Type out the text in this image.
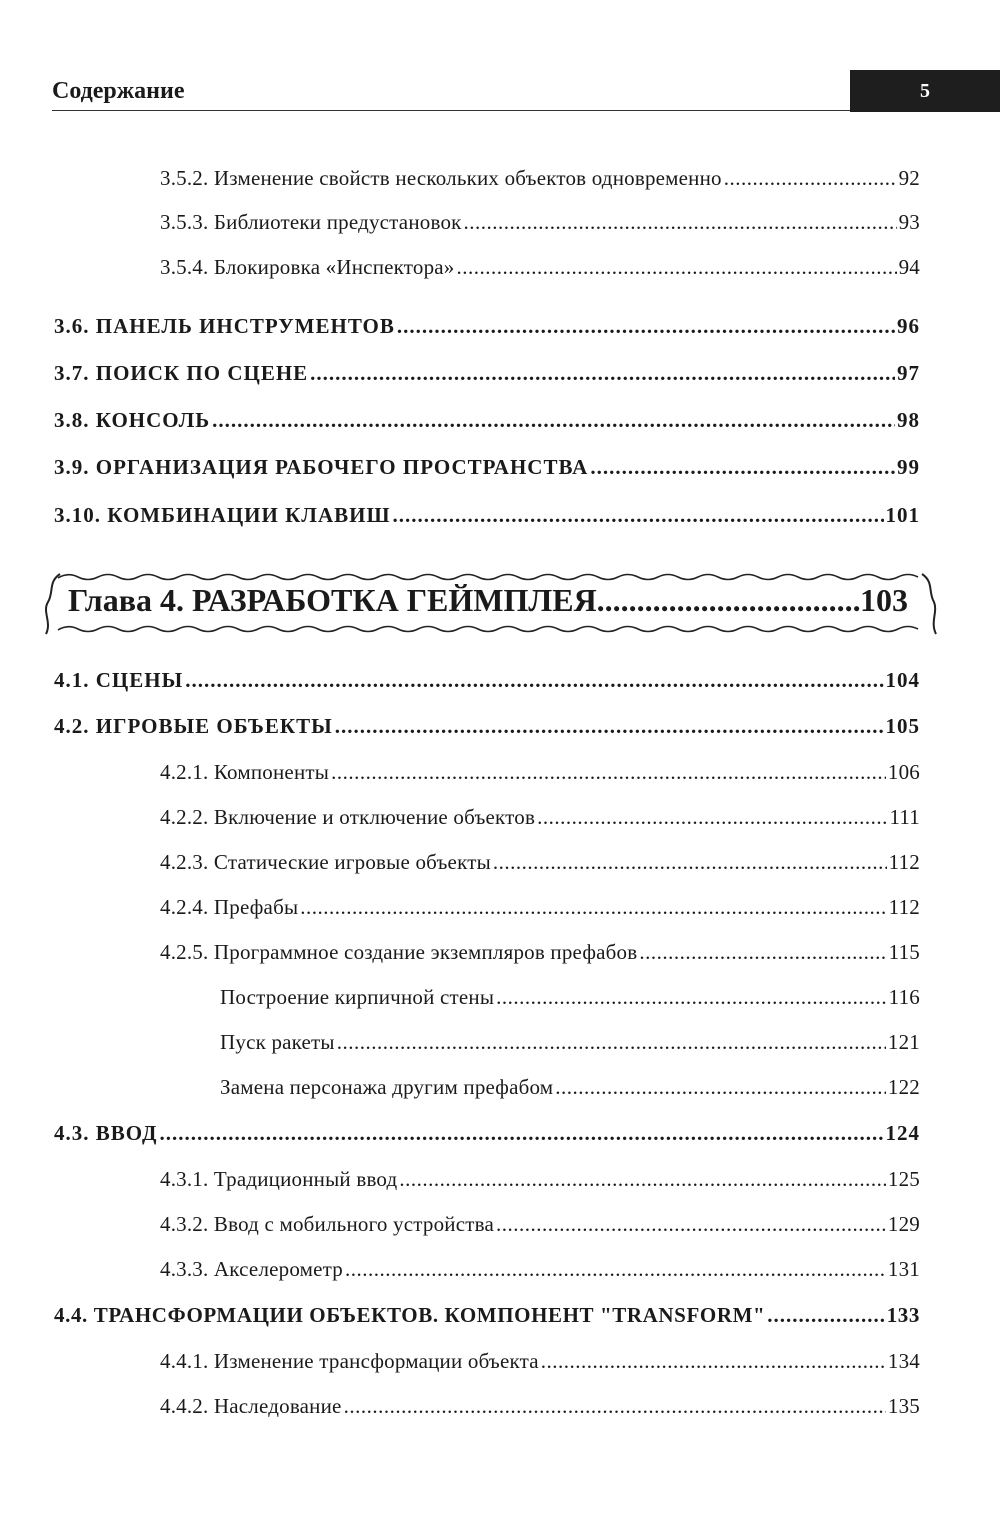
Содержание	5
3.5.2. Изменение свойств нескольких объектов одновременно .....	92
3.5.3. Библиотеки предустановок .....	93
3.5.4. Блокировка «Инспектора» .....	94
3.6. ПАНЕЛЬ ИНСТРУМЕНТОВ .....	96
3.7. ПОИСК ПО СЦЕНЕ .....	97
3.8. КОНСОЛЬ .....	98
3.9. ОРГАНИЗАЦИЯ РАБОЧЕГО ПРОСТРАНСТВА .....	99
3.10. КОМБИНАЦИИ КЛАВИШ .....	101
Глава 4. РАЗРАБОТКА ГЕЙМПЛЕЯ .....	103
4.1. СЦЕНЫ .....	104
4.2. ИГРОВЫЕ ОБЪЕКТЫ .....	105
4.2.1. Компоненты .....	106
4.2.2. Включение и отключение объектов .....	111
4.2.3. Статические игровые объекты .....	112
4.2.4. Префабы .....	112
4.2.5. Программное создание экземпляров префабов .....	115
Построение кирпичной стены .....	116
Пуск ракеты .....	121
Замена персонажа другим префабом .....	122
4.3. ВВОД .....	124
4.3.1. Традиционный ввод .....	125
4.3.2. Ввод с мобильного устройства .....	129
4.3.3. Акселерометр .....	131
4.4. ТРАНСФОРМАЦИИ ОБЪЕКТОВ. КОМПОНЕНТ "TRANSFORM" .....	133
4.4.1. Изменение трансформации объекта .....	134
4.4.2. Наследование .....	135
